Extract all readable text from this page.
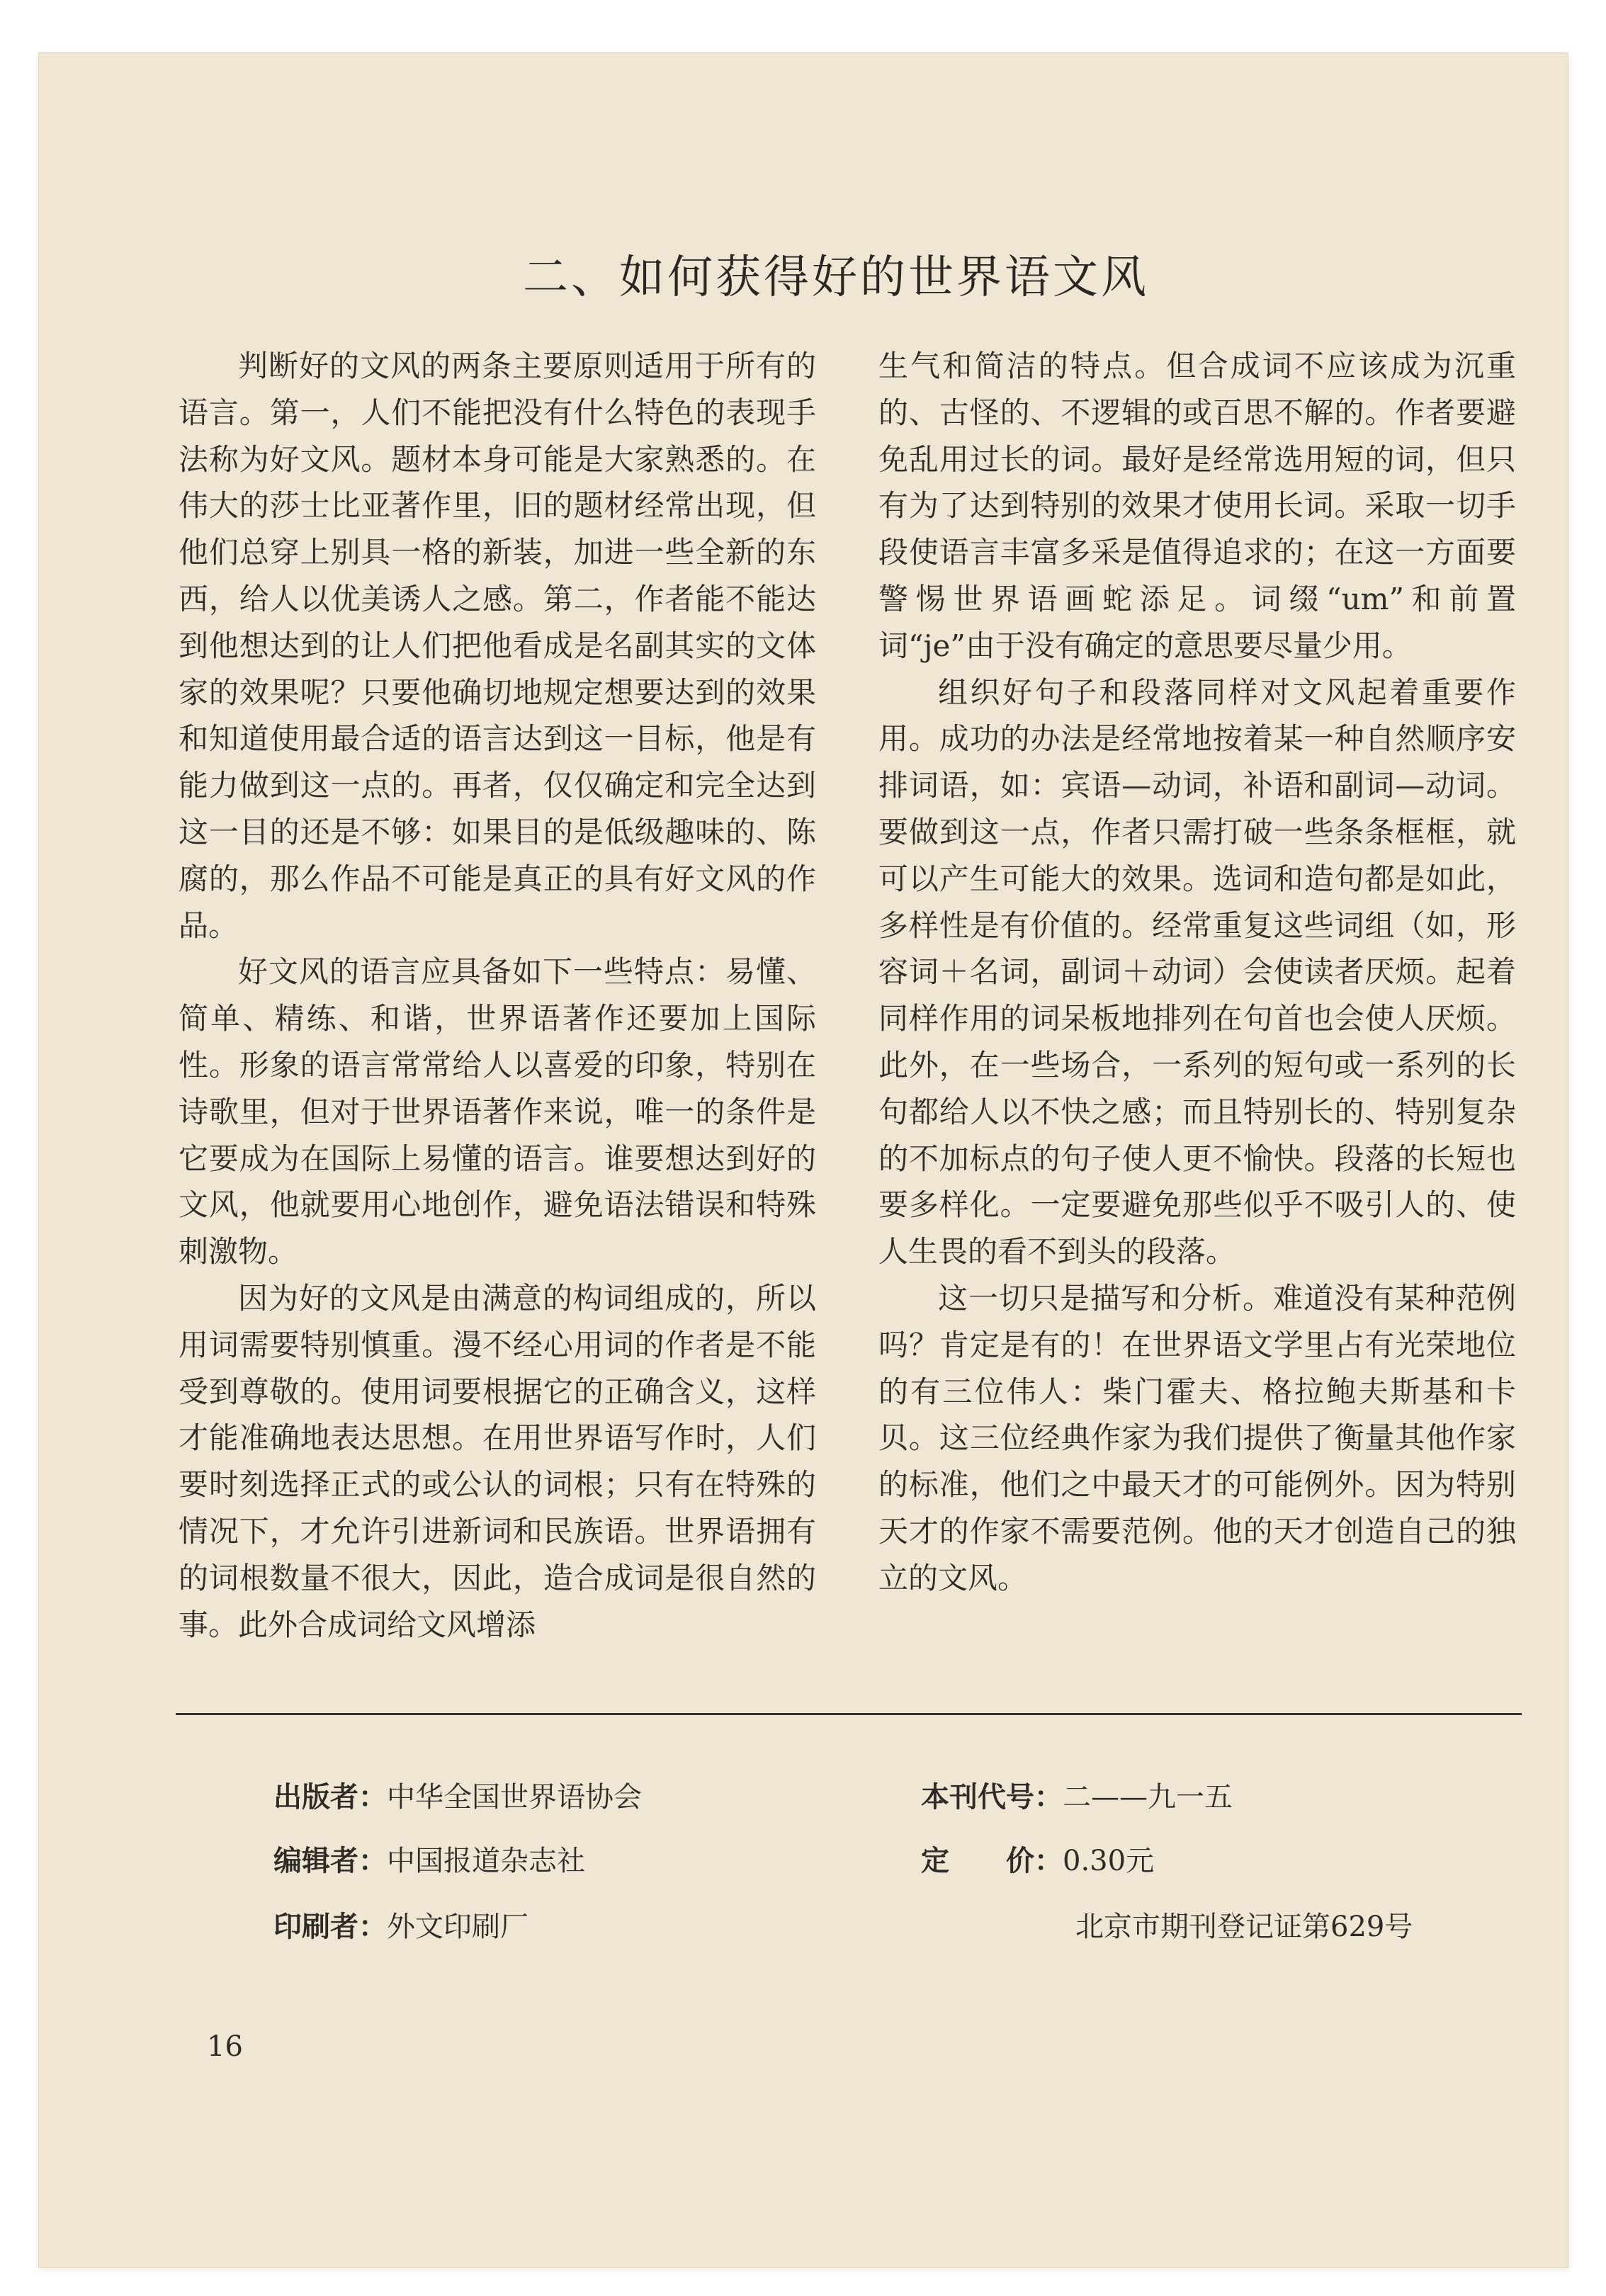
二、如何获得好的世界语文风

判断好的文风的两条主要原则适用于所有的语言。第一，人们不能把没有什么特色的表现手法称为好文风。题材本身可能是大家熟悉的。在伟大的莎士比亚著作里，旧的题材经常出现，但他们总穿上别具一格的新装，加进一些全新的东西，给人以优美诱人之感。第二，作者能不能达到他想达到的让人们把他看成是名副其实的文体家的效果呢？只要他确切地规定想要达到的效果和知道使用最合适的语言达到这一目标，他是有能力做到这一点的。再者，仅仅确定和完全达到这一目的还是不够：如果目的是低级趣味的、陈腐的，那么作品不可能是真正的具有好文风的作品。

好文风的语言应具备如下一些特点：易懂、简单、精练、和谐，世界语著作还要加上国际性。形象的语言常常给人以喜爱的印象，特别在诗歌里，但对于世界语著作来说，唯一的条件是它要成为在国际上易懂的语言。谁要想达到好的文风，他就要用心地创作，避免语法错误和特殊刺激物。

因为好的文风是由满意的构词组成的，所以用词需要特别慎重。漫不经心用词的作者是不能受到尊敬的。使用词要根据它的正确含义，这样才能准确地表达思想。在用世界语写作时，人们要时刻选择正式的或公认的词根；只有在特殊的情况下，才允许引进新词和民族语。世界语拥有的词根数量不很大，因此，造合成词是很自然的事。此外合成词给文风增添

生气和简洁的特点。但合成词不应该成为沉重的、古怪的、不逻辑的或百思不解的。作者要避免乱用过长的词。最好是经常选用短的词，但只有为了达到特别的效果才使用长词。采取一切手段使语言丰富多采是值得追求的；在这一方面要警惕世界语画蛇添足。词缀“um”和前置词“je”由于没有确定的意思要尽量少用。

组织好句子和段落同样对文风起着重要作用。成功的办法是经常地按着某一种自然顺序安排词语，如：宾语—动词，补语和副词—动词。要做到这一点，作者只需打破一些条条框框，就可以产生可能大的效果。选词和造句都是如此，多样性是有价值的。经常重复这些词组（如，形容词＋名词，副词＋动词）会使读者厌烦。起着同样作用的词呆板地排列在句首也会使人厌烦。此外，在一些场合，一系列的短句或一系列的长句都给人以不快之感；而且特别长的、特别复杂的不加标点的句子使人更不愉快。段落的长短也要多样化。一定要避免那些似乎不吸引人的、使人生畏的看不到头的段落。

这一切只是描写和分析。难道没有某种范例吗？肯定是有的！在世界语文学里占有光荣地位的有三位伟人：柴门霍夫、格拉鲍夫斯基和卡贝。这三位经典作家为我们提供了衡量其他作家的标准，他们之中最天才的可能例外。因为特别天才的作家不需要范例。他的天才创造自己的独立的文风。

出版者：中华全国世界语协会
编辑者：中国报道杂志社
印刷者：外文印刷厂
本刊代号：二——九一五
定　　价：0.30元
北京市期刊登记证第629号
16
